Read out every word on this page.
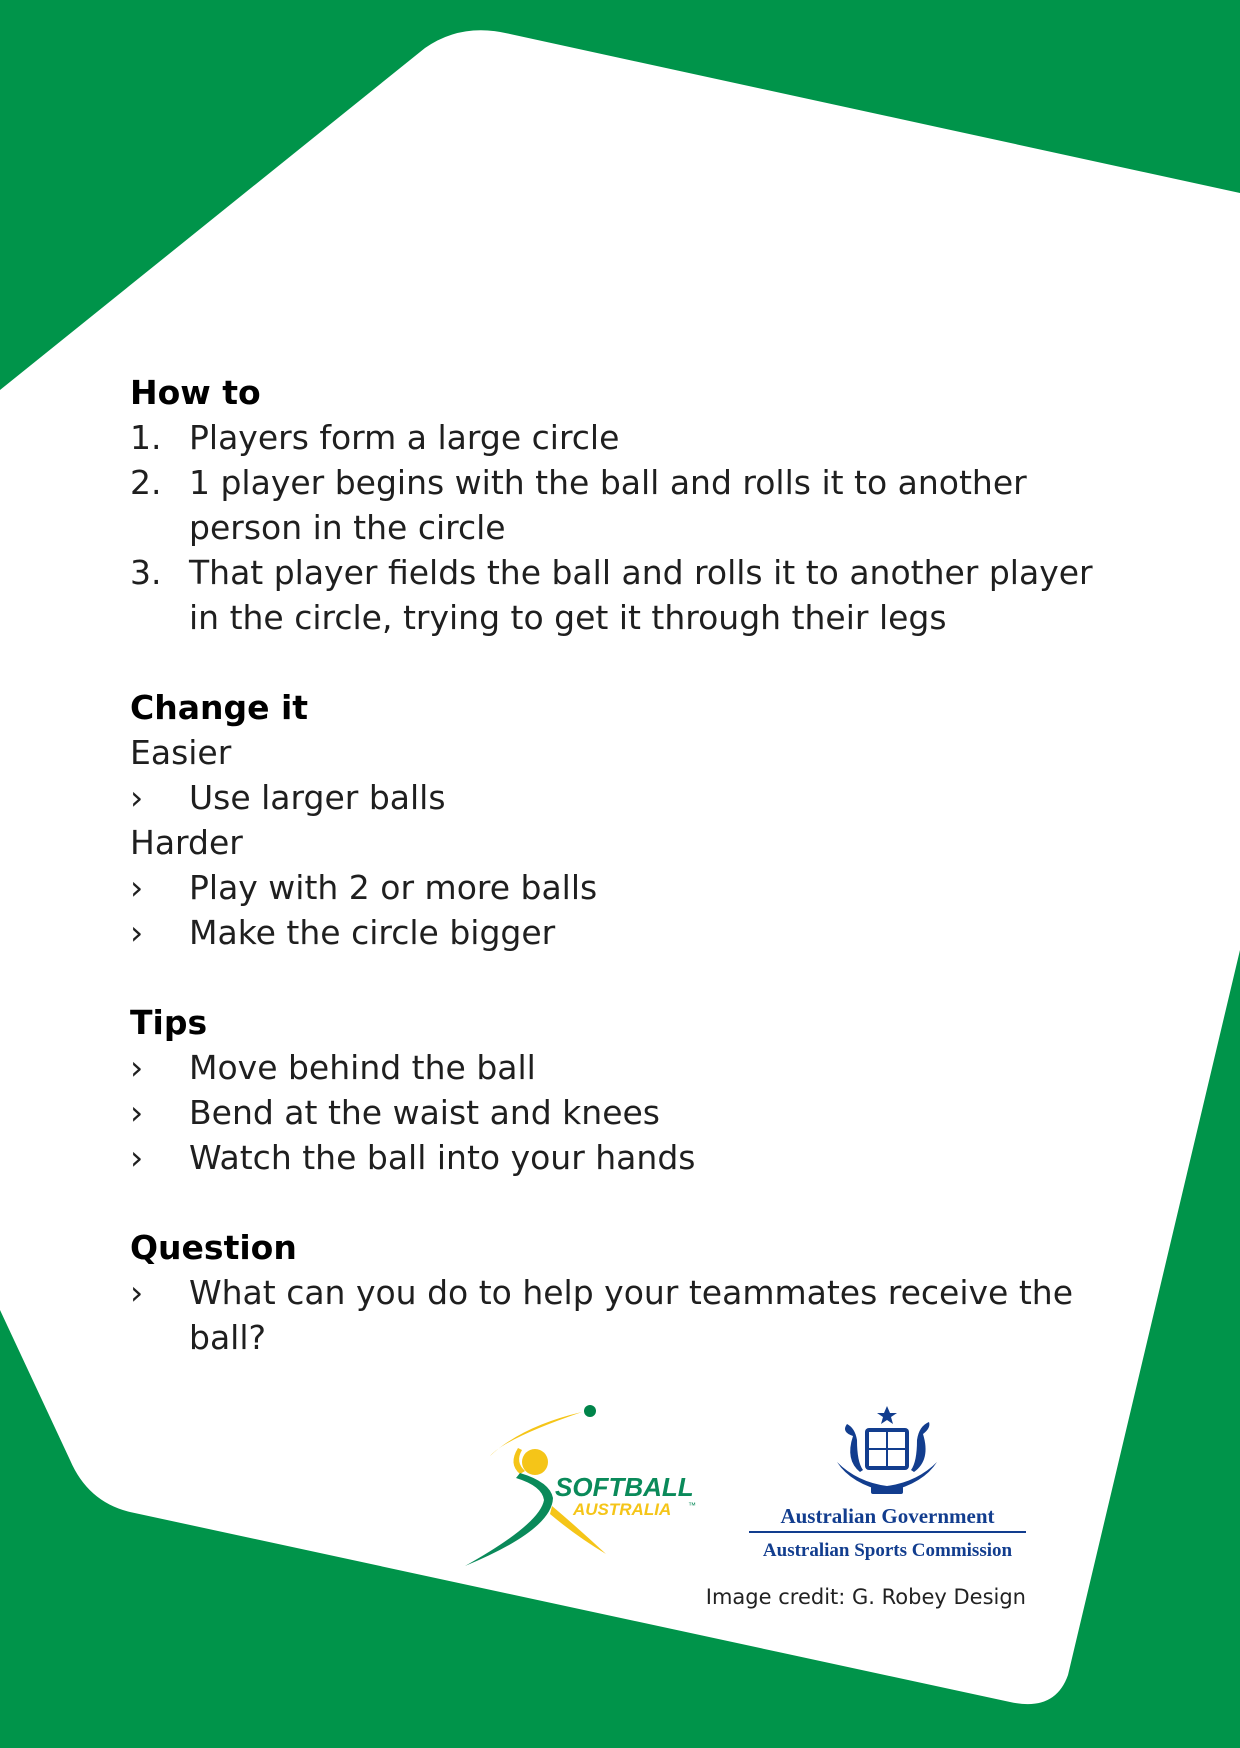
How to
1. Players form a large circle
2. 1 player begins with the ball and rolls it to another person in the circle
3. That player fields the ball and rolls it to another player in the circle, trying to get it through their legs
Change it
Easier
› Use larger balls
Harder
› Play with 2 or more balls
› Make the circle bigger
Tips
› Move behind the ball
› Bend at the waist and knees
› Watch the ball into your hands
Question
› What can you do to help your teammates receive the ball?
SOFTBALL
AUSTRALIA ™	Australian Government
Australian Sports Commission
Image credit: G. Robey Design
